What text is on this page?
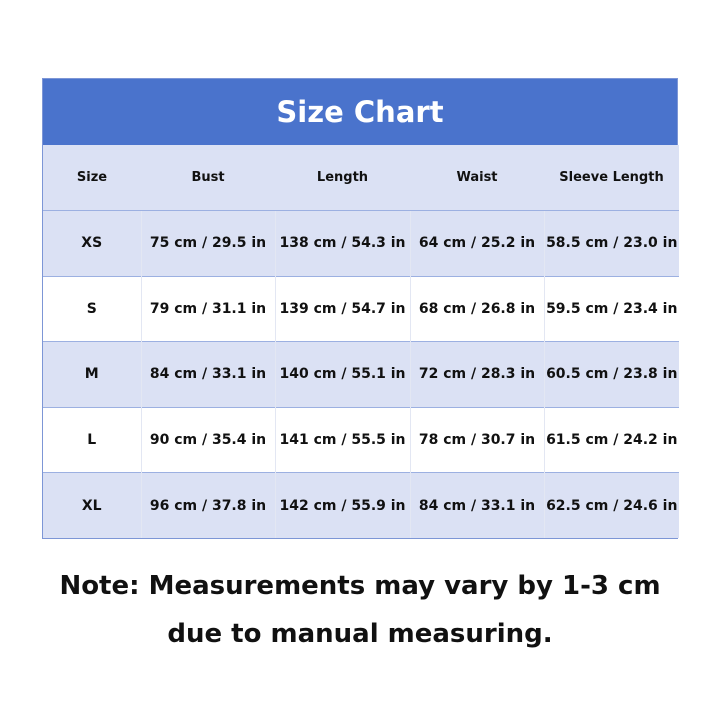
Size Chart
Size	Bust	Length	Waist	Sleeve Length
XS	75 cm / 29.5 in	138 cm / 54.3 in	64 cm / 25.2 in	58.5 cm / 23.0 in
S	79 cm / 31.1 in	139 cm / 54.7 in	68 cm / 26.8 in	59.5 cm / 23.4 in
M	84 cm / 33.1 in	140 cm / 55.1 in	72 cm / 28.3 in	60.5 cm / 23.8 in
L	90 cm / 35.4 in	141 cm / 55.5 in	78 cm / 30.7 in	61.5 cm / 24.2 in
XL	96 cm / 37.8 in	142 cm / 55.9 in	84 cm / 33.1 in	62.5 cm / 24.6 in
Note: Measurements may vary by 1-3 cm
due to manual measuring.
